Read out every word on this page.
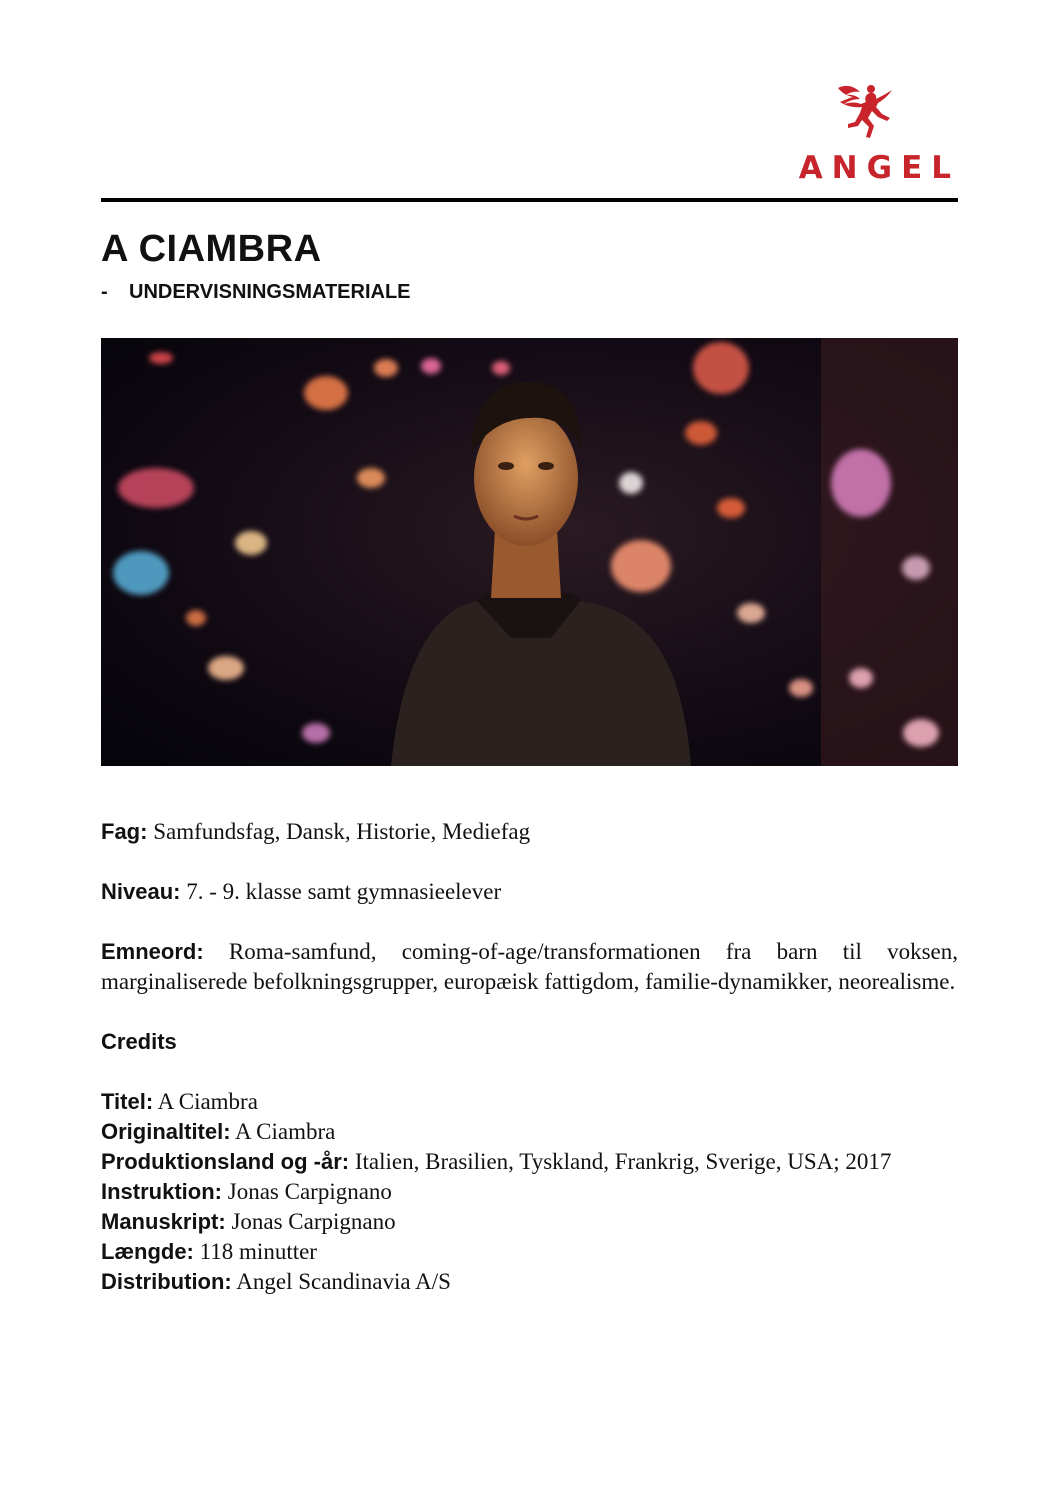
ANGEL
A CIAMBRA
- UNDERVISNINGSMATERIALE

Fag: Samfundsfag, Dansk, Historie, Mediefag

Niveau: 7. - 9. klasse samt gymnasieelever

Emneord: Roma-samfund, coming-of-age/transformationen fra barn til voksen, marginaliserede befolkningsgrupper, europæisk fattigdom, familie-dynamikker, neorealisme.

Credits

Titel: A Ciambra

Originaltitel: A Ciambra

Produktionsland og -år: Italien, Brasilien, Tyskland, Frankrig, Sverige, USA; 2017

Instruktion: Jonas Carpignano

Manuskript: Jonas Carpignano

Længde: 118 minutter

Distribution: Angel Scandinavia A/S
